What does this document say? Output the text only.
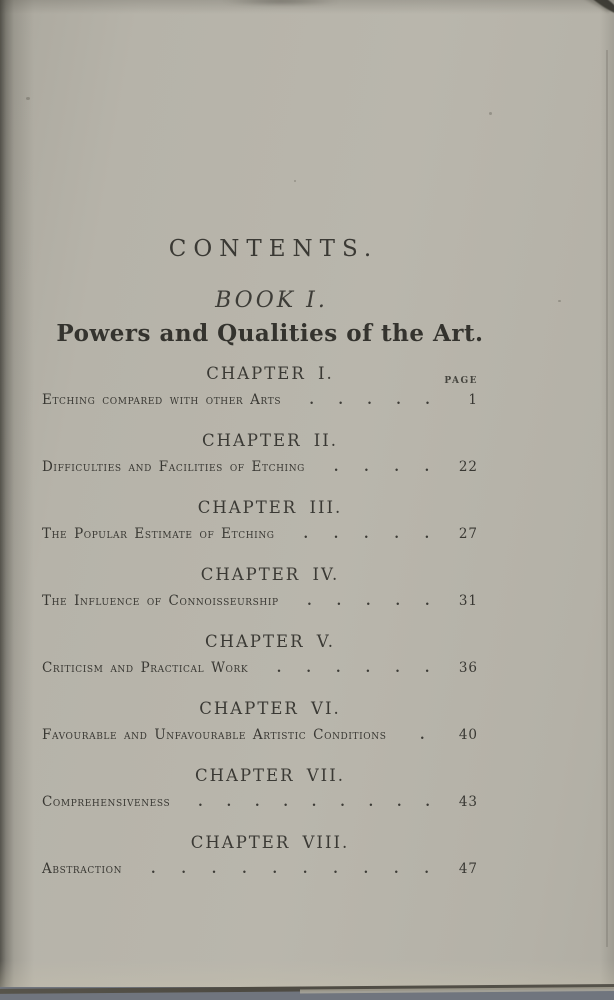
CONTENTS.
BOOK I.
Powers and Qualities of the Art.
PAGE
CHAPTER I.
Etching compared with other Arts . . . . .	1
CHAPTER II.
Difficulties and Facilities of Etching . . . .	22
CHAPTER III.
The Popular Estimate of Etching . . . . .	27
CHAPTER IV.
The Influence of Connoisseurship . . . . .	31
CHAPTER V.
Criticism and Practical Work . . . . . .	36
CHAPTER VI.
Favourable and Unfavourable Artistic Conditions	.	40
CHAPTER VII.
Comprehensiveness . . . . . . . . .	43
CHAPTER VIII.
Abstraction . . . . . . . . . .	47
